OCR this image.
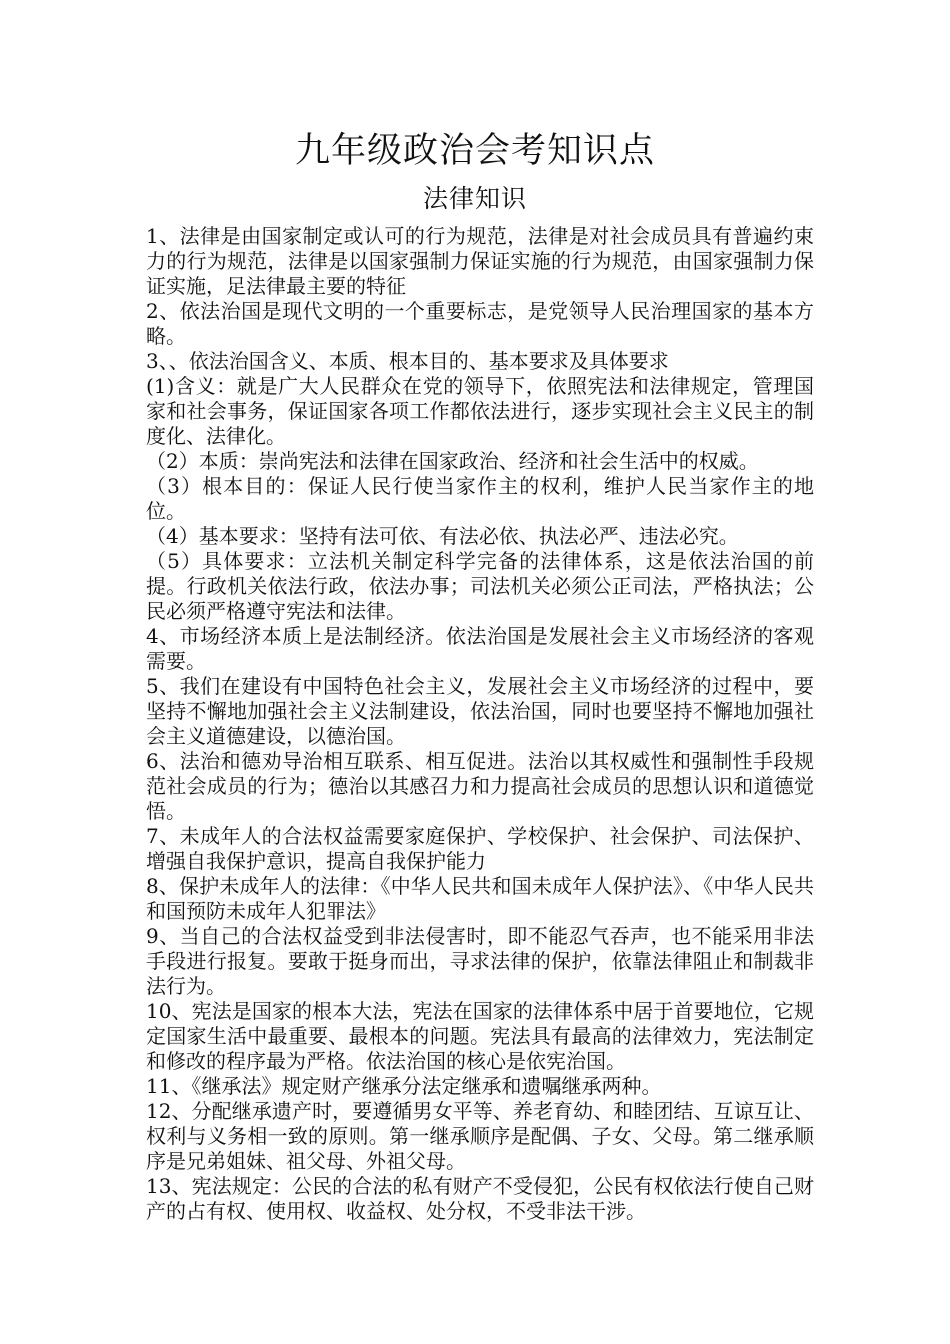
九年级政治会考知识点
法律知识

1、法律是由国家制定或认可的行为规范，法律是对社会成员具有普遍约束力的行为规范，法律是以国家强制力保证实施的行为规范，由国家强制力保证实施，足法律最主要的特征

2、依法治国是现代文明的一个重要标志，是党领导人民治理国家的基本方略。

3、、依法治国含义、本质、根本目的、基本要求及具体要求

(1)含义：就是广大人民群众在党的领导下，依照宪法和法律规定，管理国家和社会事务，保证国家各项工作都依法进行，逐步实现社会主义民主的制度化、法律化。

（2）本质：崇尚宪法和法律在国家政治、经济和社会生活中的权威。

（3）根本目的：保证人民行使当家作主的权利，维护人民当家作主的地位。

（4）基本要求：坚持有法可依、有法必依、执法必严、违法必究。

（5）具体要求：立法机关制定科学完备的法律体系，这是依法治国的前提。行政机关依法行政，依法办事；司法机关必须公正司法，严格执法；公民必须严格遵守宪法和法律。

4、市场经济本质上是法制经济。依法治国是发展社会主义市场经济的客观需要。

5、我们在建设有中国特色社会主义，发展社会主义市场经济的过程中，要坚持不懈地加强社会主义法制建设，依法治国，同时也要坚持不懈地加强社会主义道德建设，以德治国。

6、法治和德劝导治相互联系、相互促进。法治以其权威性和强制性手段规范社会成员的行为；德治以其感召力和力提高社会成员的思想认识和道德觉悟。

7、未成年人的合法权益需要家庭保护、学校保护、社会保护、司法保护、增强自我保护意识，提高自我保护能力

8、保护未成年人的法律：《中华人民共和国未成年人保护法》、《中华人民共和国预防未成年人犯罪法》

9、当自己的合法权益受到非法侵害时，即不能忍气吞声，也不能采用非法手段进行报复。要敢于挺身而出，寻求法律的保护，依靠法律阻止和制裁非法行为。

10、宪法是国家的根本大法，宪法在国家的法律体系中居于首要地位，它规定国家生活中最重要、最根本的问题。宪法具有最高的法律效力，宪法制定和修改的程序最为严格。依法治国的核心是依宪治国。

11、《继承法》规定财产继承分法定继承和遗嘱继承两种。

12、分配继承遗产时，要遵循男女平等、养老育幼、和睦团结、互谅互让、权利与义务相一致的原则。第一继承顺序是配偶、子女、父母。第二继承顺序是兄弟姐妹、祖父母、外祖父母。

13、宪法规定：公民的合法的私有财产不受侵犯，公民有权依法行使自己财产的占有权、使用权、收益权、处分权，不受非法干涉。
